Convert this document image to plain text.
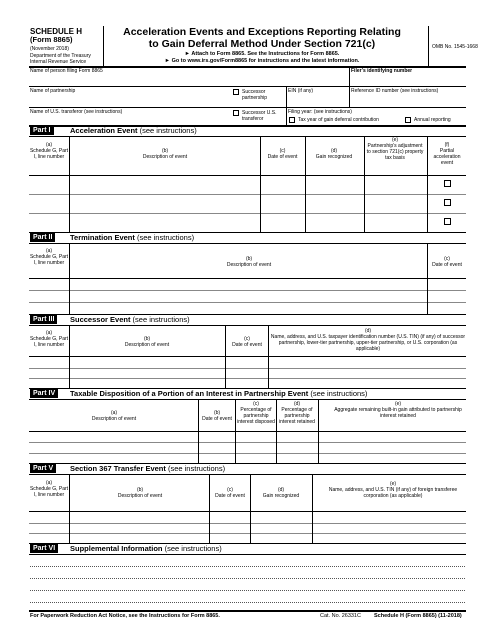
SCHEDULE H
(Form 8865)
(November 2018)
Department of the Treasury
Internal Revenue Service
Acceleration Events and Exceptions Reporting Relating
to Gain Deferral Method Under Section 721(c)
► Attach to Form 8865. See the Instructions for Form 8865.
► Go to www.irs.gov/Form8865 for instructions and the latest information.
OMB No. 1545-1668
Name of person filing Form 8865	Filer’s identifying number
Name of partnership	Successor partnership
EIN (if any)	Reference ID number (see instructions)
Name of U.S. transferor (see instructions)	Successor U.S. transferor
Filing year: (see instructions)
Tax year of gain deferral contribution	Annual reporting
Part I	Acceleration Event (see instructions)
(a)
Schedule G, Part I, line number
(b)
Description of event
(c)
Date of event
(d)
Gain recognized
(e)
Partnership’s adjustment to section 721(c) property tax basis
(f)
Partial acceleration event
Part II	Termination Event (see instructions)
(a)
Schedule G, Part I, line number
(b)
Description of event
(c)
Date of event
Part III	Successor Event (see instructions)
(a)
Schedule G, Part I, line number
(b)
Description of event
(c)
Date of event
(d)
Name, address, and U.S. taxpayer identification number (U.S. TIN) (if any) of successor partnership, lower-tier partnership, upper-tier partnership, or U.S. corporation (as applicable)
Part IV	Taxable Disposition of a Portion of an Interest in Partnership Event (see instructions)
(a)
Description of event
(b)
Date of event
(c)
Percentage of partnership interest disposed
(d)
Percentage of partnership interest retained
(e)
Aggregate remaining built-in gain attributed to partnership interest retained
Part V	Section 367 Transfer Event (see instructions)
(a)
Schedule G, Part I, line number
(b)
Description of event
(c)
Date of event
(d)
Gain recognized
(e)
Name, address, and U.S. TIN (if any) of foreign transferee corporation (as applicable)
Part VI	Supplemental Information (see instructions)
For Paperwork Reduction Act Notice, see the Instructions for Form 8865.	Cat. No. 26331C Schedule H (Form 8865) (11-2018)
